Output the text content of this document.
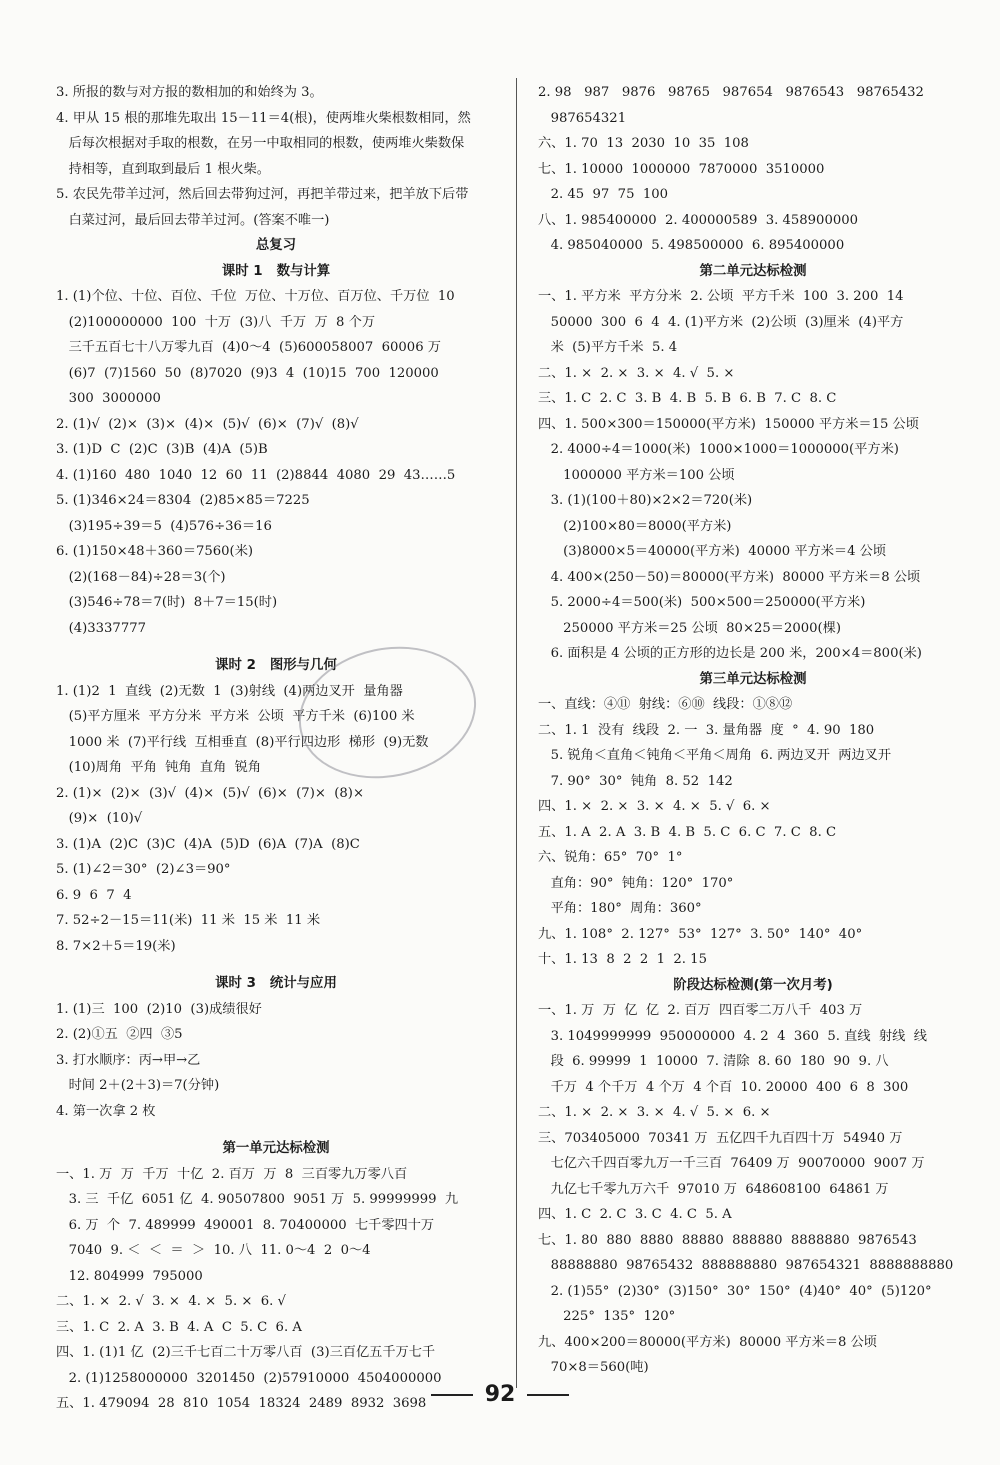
3. 所报的数与对方报的数相加的和始终为 3。
4. 甲从 15 根的那堆先取出 15－11＝4(根)，使两堆火柴根数相同，然
后每次根据对手取的根数，在另一中取相同的根数，使两堆火柴数保
持相等，直到取到最后 1 根火柴。
5. 农民先带羊过河，然后回去带狗过河，再把羊带过来，把羊放下后带
白菜过河，最后回去带羊过河。(答案不唯一)
总复习
课时 1   数与计算
1. (1)个位、十位、百位、千位  万位、十万位、百万位、千万位  10
(2)100000000  100  十万  (3)八  千万  万  8 个万
三千五百七十八万零九百  (4)0～4  (5)600058007  60006 万
(6)7  (7)1560  50  (8)7020  (9)3  4  (10)15  700  120000
300  3000000
2. (1)√  (2)×  (3)×  (4)×  (5)√  (6)×  (7)√  (8)√
3. (1)D  C  (2)C  (3)B  (4)A  (5)B
4. (1)160  480  1040  12  60  11  (2)8844  4080  29  43……5
5. (1)346×24＝8304  (2)85×85＝7225
(3)195÷39＝5  (4)576÷36＝16
6. (1)150×48＋360＝7560(米)
(2)(168－84)÷28＝3(个)
(3)546÷78＝7(时)  8＋7＝15(时)
(4)3337777
课时 2   图形与几何
1. (1)2  1  直线  (2)无数  1  (3)射线  (4)两边叉开  量角器
(5)平方厘米  平方分米  平方米  公顷  平方千米  (6)100 米
1000 米  (7)平行线  互相垂直  (8)平行四边形  梯形  (9)无数
(10)周角  平角  钝角  直角  锐角
2. (1)×  (2)×  (3)√  (4)×  (5)√  (6)×  (7)×  (8)×
(9)×  (10)√
3. (1)A  (2)C  (3)C  (4)A  (5)D  (6)A  (7)A  (8)C
5. (1)∠2＝30°  (2)∠3＝90°
6. 9  6  7  4
7. 52÷2－15＝11(米)  11 米  15 米  11 米
8. 7×2＋5＝19(米)
课时 3   统计与应用
1. (1)三  100  (2)10  (3)成绩很好
2. (2)①五  ②四  ③5
3. 打水顺序：丙→甲→乙
时间 2＋(2＋3)＝7(分钟)
4. 第一次拿 2 枚
第一单元达标检测
一、1. 万  万  千万  十亿  2. 百万  万  8  三百零九万零八百
3. 三  千亿  6051 亿  4. 90507800  9051 万  5. 99999999  九
6. 万  个  7. 489999  490001  8. 70400000  七千零四十万
7040  9. ＜  ＜  ＝  ＞  10. 八  11. 0～4  2  0～4
12. 804999  795000
二、1. ×  2. √  3. ×  4. ×  5. ×  6. √
三、1. C  2. A  3. B  4. A  C  5. C  6. A
四、1. (1)1 亿  (2)三千七百二十万零八百  (3)三百亿五千万七千
2. (1)1258000000  3201450  (2)57910000  4504000000
五、1. 479094  28  810  1054  18324  2489  8932  3698
2. 98   987   9876   98765   987654   9876543   98765432
987654321
六、1. 70  13  2030  10  35  108
七、1. 10000  1000000  7870000  3510000
2. 45  97  75  100
八、1. 985400000  2. 400000589  3. 458900000
4. 985040000  5. 498500000  6. 895400000
第二单元达标检测
一、1. 平方米  平方分米  2. 公顷  平方千米  100  3. 200  14
50000  300  6  4  4. (1)平方米  (2)公顷  (3)厘米  (4)平方
米  (5)平方千米  5. 4
二、1. ×  2. ×  3. ×  4. √  5. ×
三、1. C  2. C  3. B  4. B  5. B  6. B  7. C  8. C
四、1. 500×300＝150000(平方米)  150000 平方米＝15 公顷
2. 4000÷4＝1000(米)  1000×1000＝1000000(平方米)
1000000 平方米＝100 公顷
3. (1)(100＋80)×2×2＝720(米)
(2)100×80＝8000(平方米)
(3)8000×5＝40000(平方米)  40000 平方米＝4 公顷
4. 400×(250－50)＝80000(平方米)  80000 平方米＝8 公顷
5. 2000÷4＝500(米)  500×500＝250000(平方米)
250000 平方米＝25 公顷  80×25＝2000(棵)
6. 面积是 4 公顷的正方形的边长是 200 米，200×4＝800(米)
第三单元达标检测
一、直线：④⑪  射线：⑥⑩  线段：①⑧⑫
二、1. 1  没有  线段  2. 一  3. 量角器  度  °  4. 90  180
5. 锐角＜直角＜钝角＜平角＜周角  6. 两边叉开  两边叉开
7. 90°  30°  钝角  8. 52  142
四、1. ×  2. ×  3. ×  4. ×  5. √  6. ×
五、1. A  2. A  3. B  4. B  5. C  6. C  7. C  8. C
六、锐角：65°  70°  1°
直角：90°  钝角：120°  170°
平角：180°  周角：360°
九、1. 108°  2. 127°  53°  127°  3. 50°  140°  40°
十、1. 13  8  2  2  1  2. 15
阶段达标检测(第一次月考)
一、1. 万  万  亿  亿  2. 百万  四百零二万八千  403 万
3. 1049999999  950000000  4. 2  4  360  5. 直线  射线  线
段  6. 99999  1  10000  7. 清除  8. 60  180  90  9. 八
千万  4 个千万  4 个万  4 个百  10. 20000  400  6  8  300
二、1. ×  2. ×  3. ×  4. √  5. ×  6. ×
三、703405000  70341 万  五亿四千九百四十万  54940 万
七亿六千四百零九万一千三百  76409 万  90070000  9007 万
九亿七千零九万六千  97010 万  648608100  64861 万
四、1. C  2. C  3. C  4. C  5. A
七、1. 80  880  8880  88880  888880  8888880  9876543
88888880  98765432  888888880  987654321  8888888880
2. (1)55°  (2)30°  (3)150°  30°  150°  (4)40°  40°  (5)120°
225°  135°  120°
九、400×200＝80000(平方米)  80000 平方米＝8 公顷
70×8＝560(吨)
92
